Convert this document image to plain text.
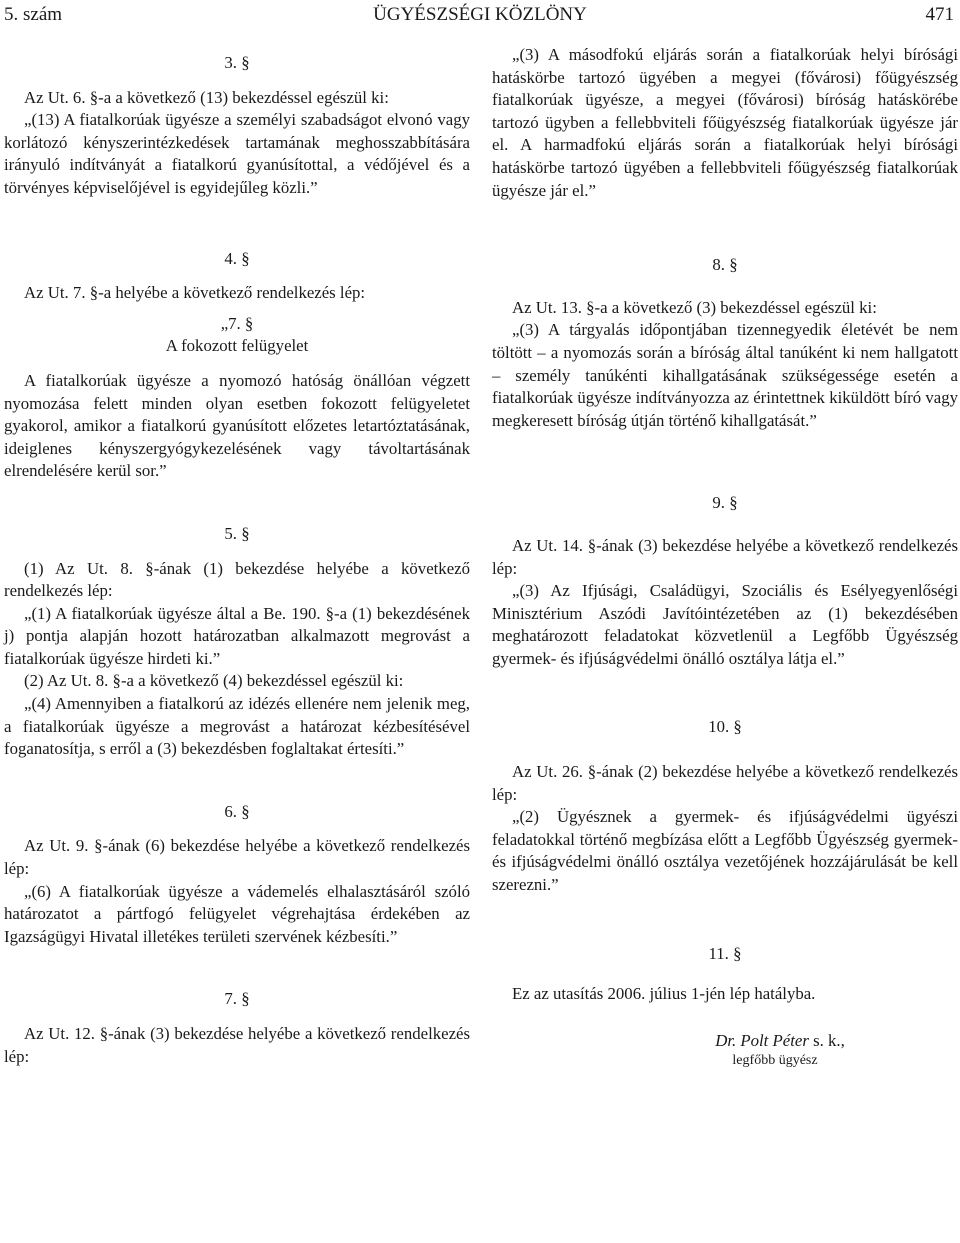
5. szám	ÜGYÉSZSÉGI KÖZLÖNY	471

3. §

Az Ut. 6. §-a a következő (13) bekezdéssel egészül ki:

„(13) A fiatalkorúak ügyésze a személyi szabadságot elvonó vagy korlátozó kényszerintézkedések tartamának meghosszabbítására irányuló indítványát a fiatalkorú gyanúsítottal, a védőjével és a törvényes képviselőjével is egyidejűleg közli.”

4. §

Az Ut. 7. §-a helyébe a következő rendelkezés lép:

„7. §

A fokozott felügyelet

A fiatalkorúak ügyésze a nyomozó hatóság önállóan végzett nyomozása felett minden olyan esetben fokozott felügyeletet gyakorol, amikor a fiatalkorú gyanúsított előzetes letartóztatásának, ideiglenes kényszergyógykezelésének vagy távoltartásának elrendelésére kerül sor.”

5. §

(1) Az Ut. 8. §-ának (1) bekezdése helyébe a következő rendelkezés lép:

„(1) A fiatalkorúak ügyésze által a Be. 190. §-a (1) bekezdésének j) pontja alapján hozott határozatban alkalmazott megrovást a fiatalkorúak ügyésze hirdeti ki.”

(2) Az Ut. 8. §-a a következő (4) bekezdéssel egészül ki:

„(4) Amennyiben a fiatalkorú az idézés ellenére nem jelenik meg, a fiatalkorúak ügyésze a megrovást a határozat kézbesítésével foganatosítja, s erről a (3) bekezdésben foglaltakat értesíti.”

6. §

Az Ut. 9. §-ának (6) bekezdése helyébe a következő rendelkezés lép:

„(6) A fiatalkorúak ügyésze a vádemelés elhalasztásáról szóló határozatot a pártfogó felügyelet végrehajtása érdekében az Igazságügyi Hivatal illetékes területi szervének kézbesíti.”

7. §

Az Ut. 12. §-ának (3) bekezdése helyébe a következő rendelkezés lép:

„(3) A másodfokú eljárás során a fiatalkorúak helyi bírósági hatáskörbe tartozó ügyében a megyei (fővárosi) főügyészség fiatalkorúak ügyésze, a megyei (fővárosi) bíróság hatáskörébe tartozó ügyben a fellebbviteli főügyészség fiatalkorúak ügyésze jár el. A harmadfokú eljárás során a fiatalkorúak helyi bírósági hatáskörbe tartozó ügyében a fellebbviteli főügyészség fiatalkorúak ügyésze jár el.”

8. §

Az Ut. 13. §-a a következő (3) bekezdéssel egészül ki:

„(3) A tárgyalás időpontjában tizennegyedik életévét be nem töltött – a nyomozás során a bíróság által tanúként ki nem hallgatott – személy tanúkénti kihallgatásának szükségessége esetén a fiatalkorúak ügyésze indítványozza az érintettnek kiküldött bíró vagy megkeresett bíróság útján történő kihallgatását.”

9. §

Az Ut. 14. §-ának (3) bekezdése helyébe a következő rendelkezés lép:

„(3) Az Ifjúsági, Családügyi, Szociális és Esélyegyenlőségi Minisztérium Aszódi Javítóintézetében az (1) bekezdésében meghatározott feladatokat közvetlenül a Legfőbb Ügyészség gyermek- és ifjúságvédelmi önálló osztálya látja el.”

10. §

Az Ut. 26. §-ának (2) bekezdése helyébe a következő rendelkezés lép:

„(2) Ügyésznek a gyermek- és ifjúságvédelmi ügyészi feladatokkal történő megbízása előtt a Legfőbb Ügyészség gyermek- és ifjúságvédelmi önálló osztálya vezetőjének hozzájárulását be kell szerezni.”

11. §

Ez az utasítás 2006. július 1-jén lép hatályba.

Dr. Polt Péter s. k.,

legfőbb ügyész
